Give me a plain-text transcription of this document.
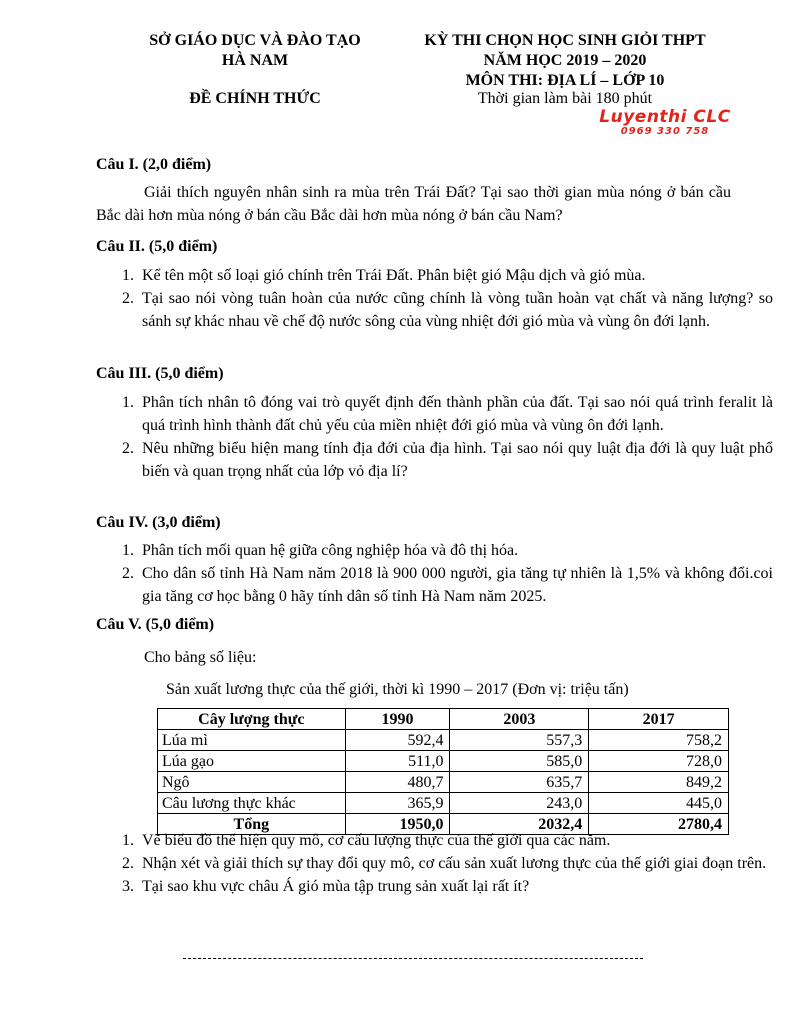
SỞ GIÁO DỤC VÀ ĐÀO TẠO
HÀ NAM
KỲ THI CHỌN HỌC SINH GIỎI THPT
NĂM HỌC 2019 – 2020
MÔN THI: ĐỊA LÍ – LỚP 10
ĐỀ CHÍNH THỨC	Thời gian làm bài 180 phút
Luyenthi CLC
0969 330 758
Câu I. (2,0 điểm)
Giải thích nguyên nhân sinh ra mùa trên Trái Đất? Tại sao thời gian mùa nóng ở bán cầu Bắc dài hơn mùa nóng ở bán cầu Bắc dài hơn mùa nóng ở bán cầu Nam?
Câu II. (5,0 điểm)
1. Kể tên một số loại gió chính trên Trái Đất. Phân biệt gió Mậu dịch và gió mùa.
2. Tại sao nói vòng tuân hoàn của nước cũng chính là vòng tuần hoàn vạt chất và năng lượng? so sánh sự khác nhau về chế độ nước sông của vùng nhiệt đới gió mùa và vùng ôn đới lạnh.
Câu III. (5,0 điểm)
1. Phân tích nhân tô đóng vai trò quyết định đến thành phần của đất. Tại sao nói quá trình feralit là quá trình hình thành đất chủ yếu của miền nhiệt đới gió mùa và vùng ôn đới lạnh.
2. Nêu những biểu hiện mang tính địa đới của địa hình. Tại sao nói quy luật địa đới là quy luật phổ biến và quan trọng nhất của lớp vỏ địa lí?
Câu IV. (3,0 điểm)
1. Phân tích mối quan hệ giữa công nghiệp hóa và đô thị hóa.
2. Cho dân số tỉnh Hà Nam năm 2018 là 900 000 người, gia tăng tự nhiên là 1,5% và không đổi.coi gia tăng cơ học bằng 0 hãy tính dân số tỉnh Hà Nam năm 2025.
Câu V. (5,0 điểm)
Cho bảng số liệu:
Sản xuất lương thực của thế giới, thời kì 1990 – 2017 (Đơn vị: triệu tấn)
Cây lượng thực	1990	2003	2017
Lúa mì	592,4	557,3	758,2
Lúa gạo	511,0	585,0	728,0
Ngô	480,7	635,7	849,2
Câu lương thực khác	365,9	243,0	445,0
Tổng	1950,0	2032,4	2780,4
1. Vẽ biểu đồ thể hiện quy mô, cơ cấu lượng thực của thế giới qua các năm.
2. Nhận xét và giải thích sự thay đổi quy mô, cơ cấu sản xuất lương thực của thế giới giai đoạn trên.
3. Tại sao khu vực châu Á gió mùa tập trung sản xuất lại rất ít?
